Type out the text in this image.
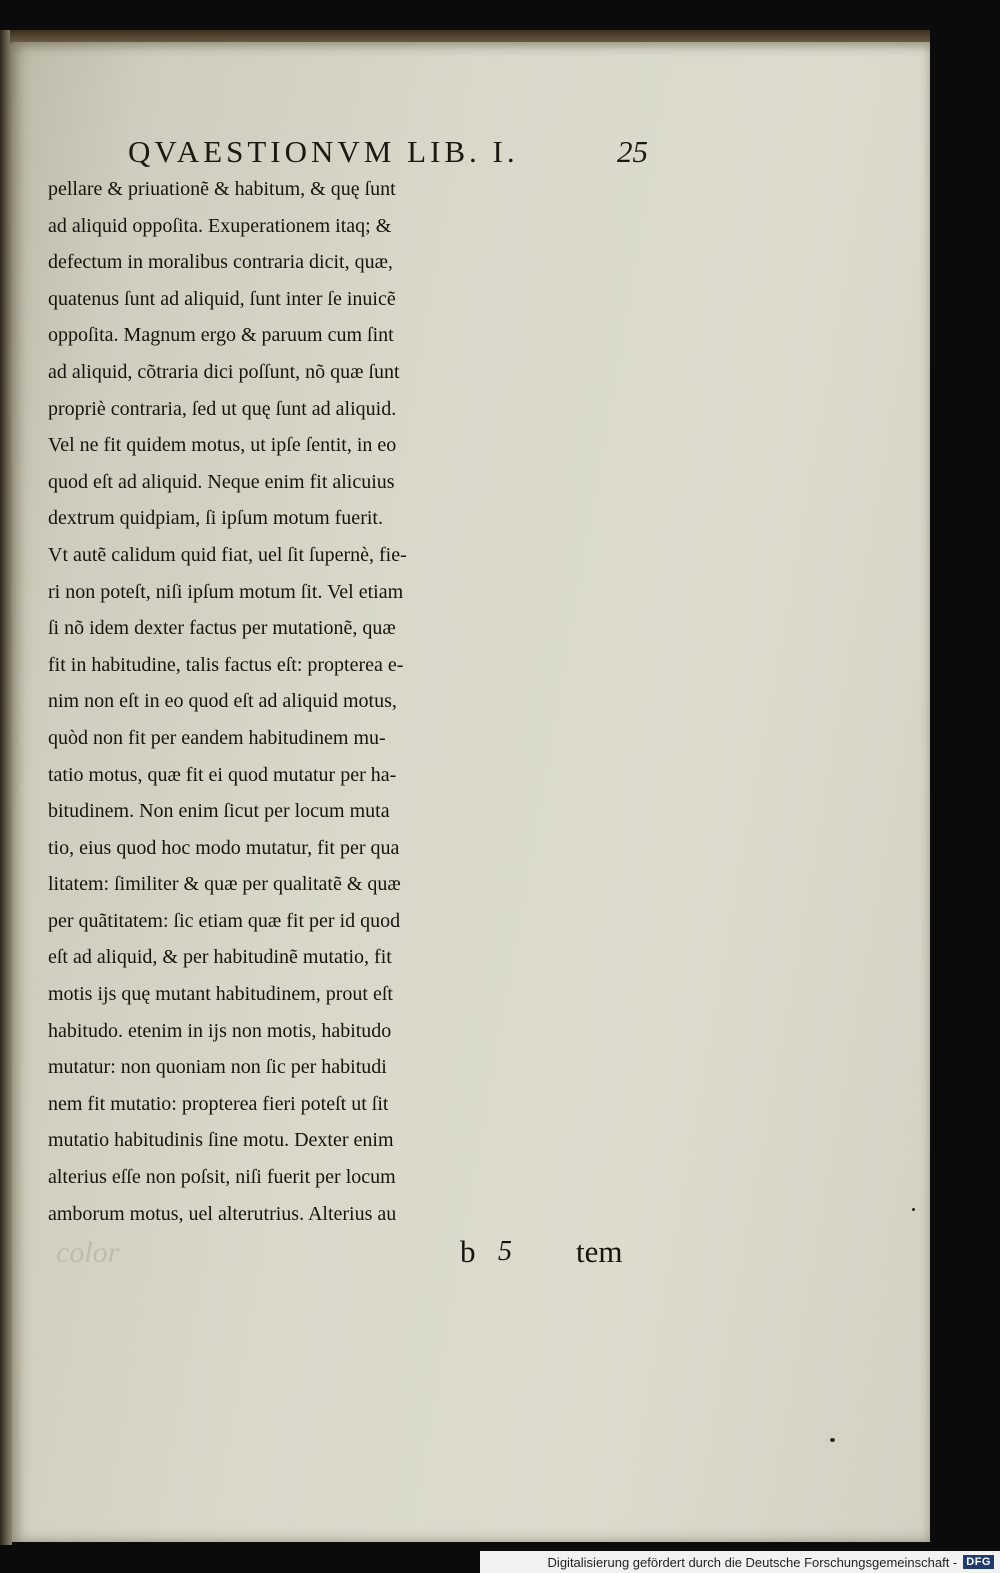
QVAESTIONVM LIB. I.	25
pellare & priuationẽ & habitum, & quę ſunt
ad aliquid oppoſita. Exuperationem itaq; &
defectum in moralibus contraria dicit, quæ,
quatenus ſunt ad aliquid, ſunt inter ſe inuicẽ
oppoſita. Magnum ergo & paruum cum ſint
ad aliquid, cõtraria dici poſſunt, nõ quæ ſunt
propriè contraria, ſed ut quę ſunt ad aliquid.
Vel ne fit quidem motus, ut ipſe ſentit, in eo
quod eſt ad aliquid. Neque enim fit alicuius
dextrum quidpiam, ſi ipſum motum fuerit.
Vt autẽ calidum quid fiat, uel ſit ſupernè, fie-
ri non poteſt, niſi ipſum motum ſit. Vel etiam
ſi nõ idem dexter factus per mutationẽ, quæ
fit in habitudine, talis factus eſt: propterea e-
nim non eſt in eo quod eſt ad aliquid motus,
quòd non fit per eandem habitudinem mu-
tatio motus, quæ fit ei quod mutatur per ha-
bitudinem. Non enim ſicut per locum muta
tio, eius quod hoc modo mutatur, fit per qua
litatem: ſimiliter & quæ per qualitatẽ & quæ
per quãtitatem: ſic etiam quæ fit per id quod
eſt ad aliquid, & per habitudinẽ mutatio, fit
motis ijs quę mutant habitudinem, prout eſt
habitudo. etenim in ijs non motis, habitudo
mutatur: non quoniam non ſic per habitudi
nem fit mutatio: propterea fieri poteſt ut ſit
mutatio habitudinis ſine motu. Dexter enim
alterius eſſe non poſsit, niſi fuerit per locum
amborum motus, uel alterutrius. Alterius au
color	b 5 tem
Digitalisierung gefördert durch die Deutsche Forschungsgemeinschaft - DFG
